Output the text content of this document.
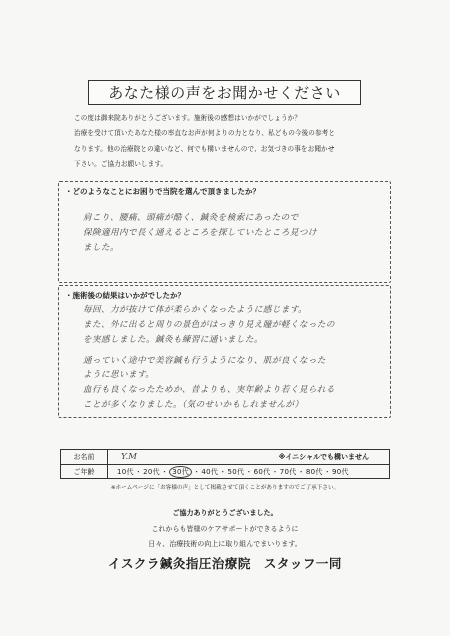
あなた様の声をお聞かせください

この度は御来院ありがとうございます。施術後の感想はいかがでしょうか？

治療を受けて頂いたあなた様の率直なお声が何よりの力となり、私どもの今後の参考と

なります。他の治療院との違いなど、何でも構いませんので、お気づきの事をお聞かせ

下さい。ご協力お願いします。

・どのようなことにお困りで当院を選んで頂きましたか？
肩こり、腰痛、頭痛が酷く、鍼灸を検索にあったので
保険適用内で長く通えるところを探していたところ見つけ
ました。
・施術後の結果はいかがでしたか？
毎回、力が抜けて体が柔らかくなったように感じます。
また、外に出ると周りの景色がはっきり見え瞳が軽くなったの
を実感しました。鍼灸も練習に通いました。
通っていく途中で美容鍼も行うようになり、肌が良くなった
ように思います。
血行も良くなったためか、昔よりも、実年齢より若く見られる
ことが多くなりました。（気のせいかもしれませんが）
お名前	Y.M	※イニシャルでも構いません
ご年齢	10代・20代・ 30代 ・40代・50代・60代・70代・80代・90代
※ホームページに「お客様の声」として掲載させて頂くことがありますのでご了承下さい。
ご協力ありがとうございました。
これからも皆様のケアサポートができるように
日々、治療技術の向上に取り組んでまいります。
イスクラ鍼灸指圧治療院　スタッフ一同
